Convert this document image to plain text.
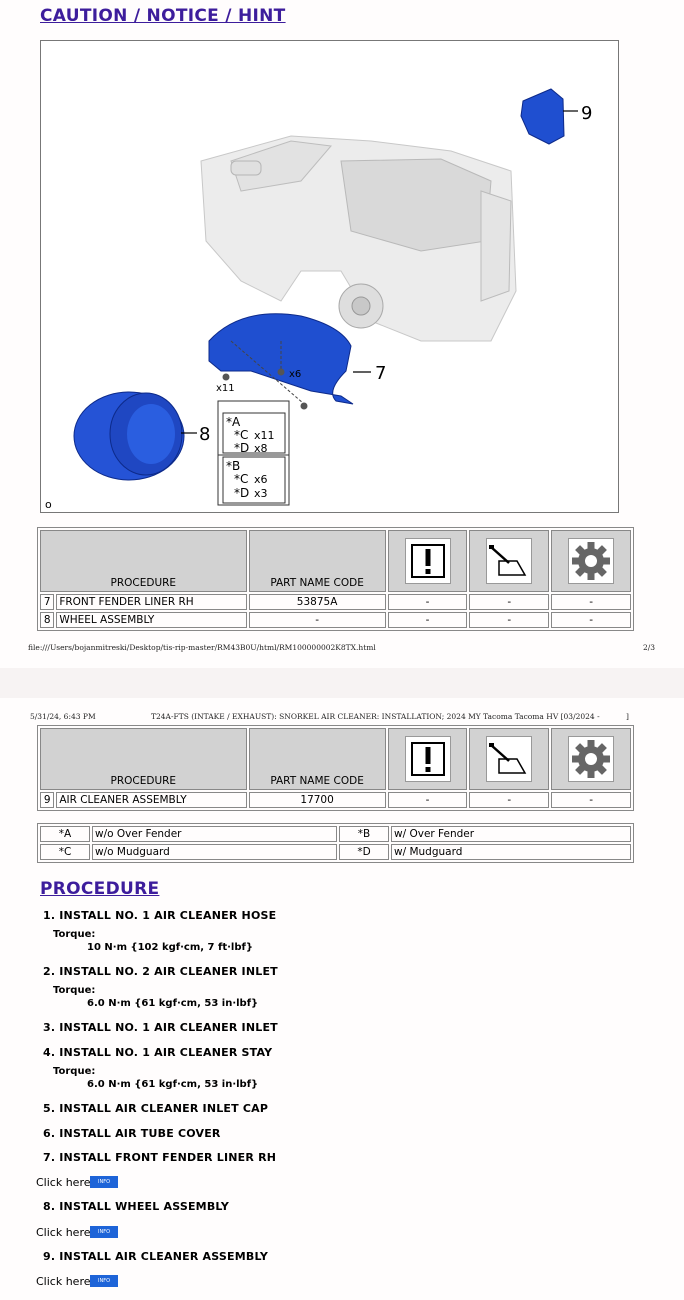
CAUTION / NOTICE / HINT
9
7
x6
x11
8
*A
*C x11
*D x8
*B
*C x6
*D x3
o
PROCEDURE		PART NAME CODE			
7	FRONT FENDER LINER RH	53875A	-	-	-
8	WHEEL ASSEMBLY	-	-	-	-
file:///Users/bojanmitreski/Desktop/tis-rip-master/RM43B0U/html/RM100000002K8TX.html	2/3
5/31/24, 6:43 PM	T24A-FTS (INTAKE / EXHAUST): SNORKEL AIR CLEANER: INSTALLATION; 2024 MY Tacoma Tacoma HV [03/2024 -	]
PROCEDURE		PART NAME CODE			
9	AIR CLEANER ASSEMBLY	17700	-	-	-
*A	w/o Over Fender	*B	w/ Over Fender
*C	w/o Mudguard	*D	w/ Mudguard
PROCEDURE
1. INSTALL NO. 1 AIR CLEANER HOSE
Torque:
10 N·m {102 kgf·cm, 7 ft·lbf}
2. INSTALL NO. 2 AIR CLEANER INLET
Torque:
6.0 N·m {61 kgf·cm, 53 in·lbf}
3. INSTALL NO. 1 AIR CLEANER INLET
4. INSTALL NO. 1 AIR CLEANER STAY
Torque:
6.0 N·m {61 kgf·cm, 53 in·lbf}
5. INSTALL AIR CLEANER INLET CAP
6. INSTALL AIR TUBE COVER
7. INSTALL FRONT FENDER LINER RH
Click here	INFO
8. INSTALL WHEEL ASSEMBLY
Click here	INFO
9. INSTALL AIR CLEANER ASSEMBLY
Click here	INFO
